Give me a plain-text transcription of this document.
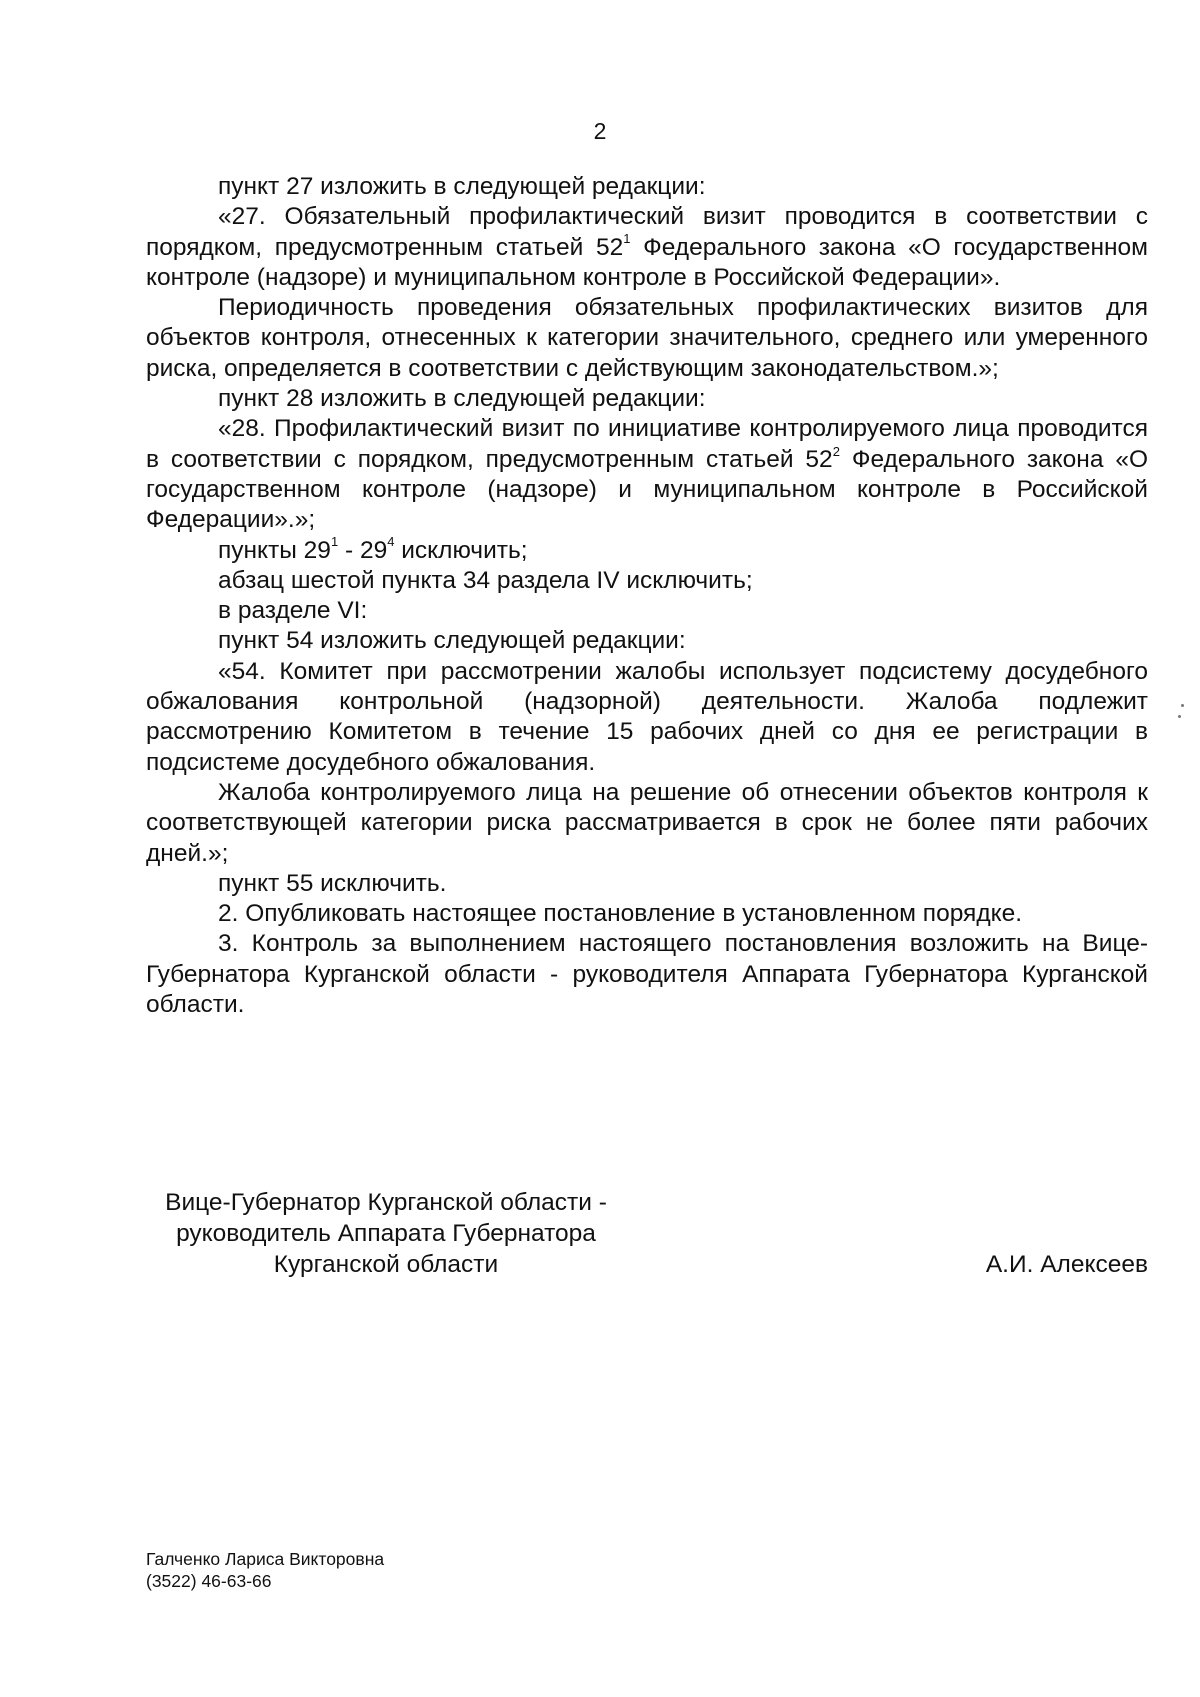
2

пункт 27 изложить в следующей редакции:

«27. Обязательный профилактический визит проводится в соответствии с порядком, предусмотренным статьей $52^1$ Федерального закона «О государственном контроле (надзоре) и муниципальном контроле в Российской Федерации».

Периодичность проведения обязательных профилактических визитов для объектов контроля, отнесенных к категории значительного, среднего или умеренного риска, определяется в соответствии с действующим законодательством.»;

пункт 28 изложить в следующей редакции:

«28. Профилактический визит по инициативе контролируемого лица проводится в соответствии с порядком, предусмотренным статьей $52^2$ Федерального закона «О государственном контроле (надзоре) и муниципальном контроле в Российской Федерации».»;

пункты $29^1 - 29^4$ исключить;

абзац шестой пункта 34 раздела IV исключить;

в разделе VI:

пункт 54 изложить следующей редакции:

«54. Комитет при рассмотрении жалобы использует подсистему досудебного обжалования контрольной (надзорной) деятельности. Жалоба подлежит рассмотрению Комитетом в течение 15 рабочих дней со дня ее регистрации в подсистеме досудебного обжалования.

Жалоба контролируемого лица на решение об отнесении объектов контроля к соответствующей категории риска рассматривается в срок не более пяти рабочих дней.»;

пункт 55 исключить.

2. Опубликовать настоящее постановление в установленном порядке.

3. Контроль за выполнением настоящего постановления возложить на Вице-Губернатора Курганской области - руководителя Аппарата Губернатора Курганской области.

Вице-Губернатор Курганской области -
руководитель Аппарата Губернатора
Курганской области	А.И. Алексеев
Галченко Лариса Викторовна
(3522) 46-63-66
